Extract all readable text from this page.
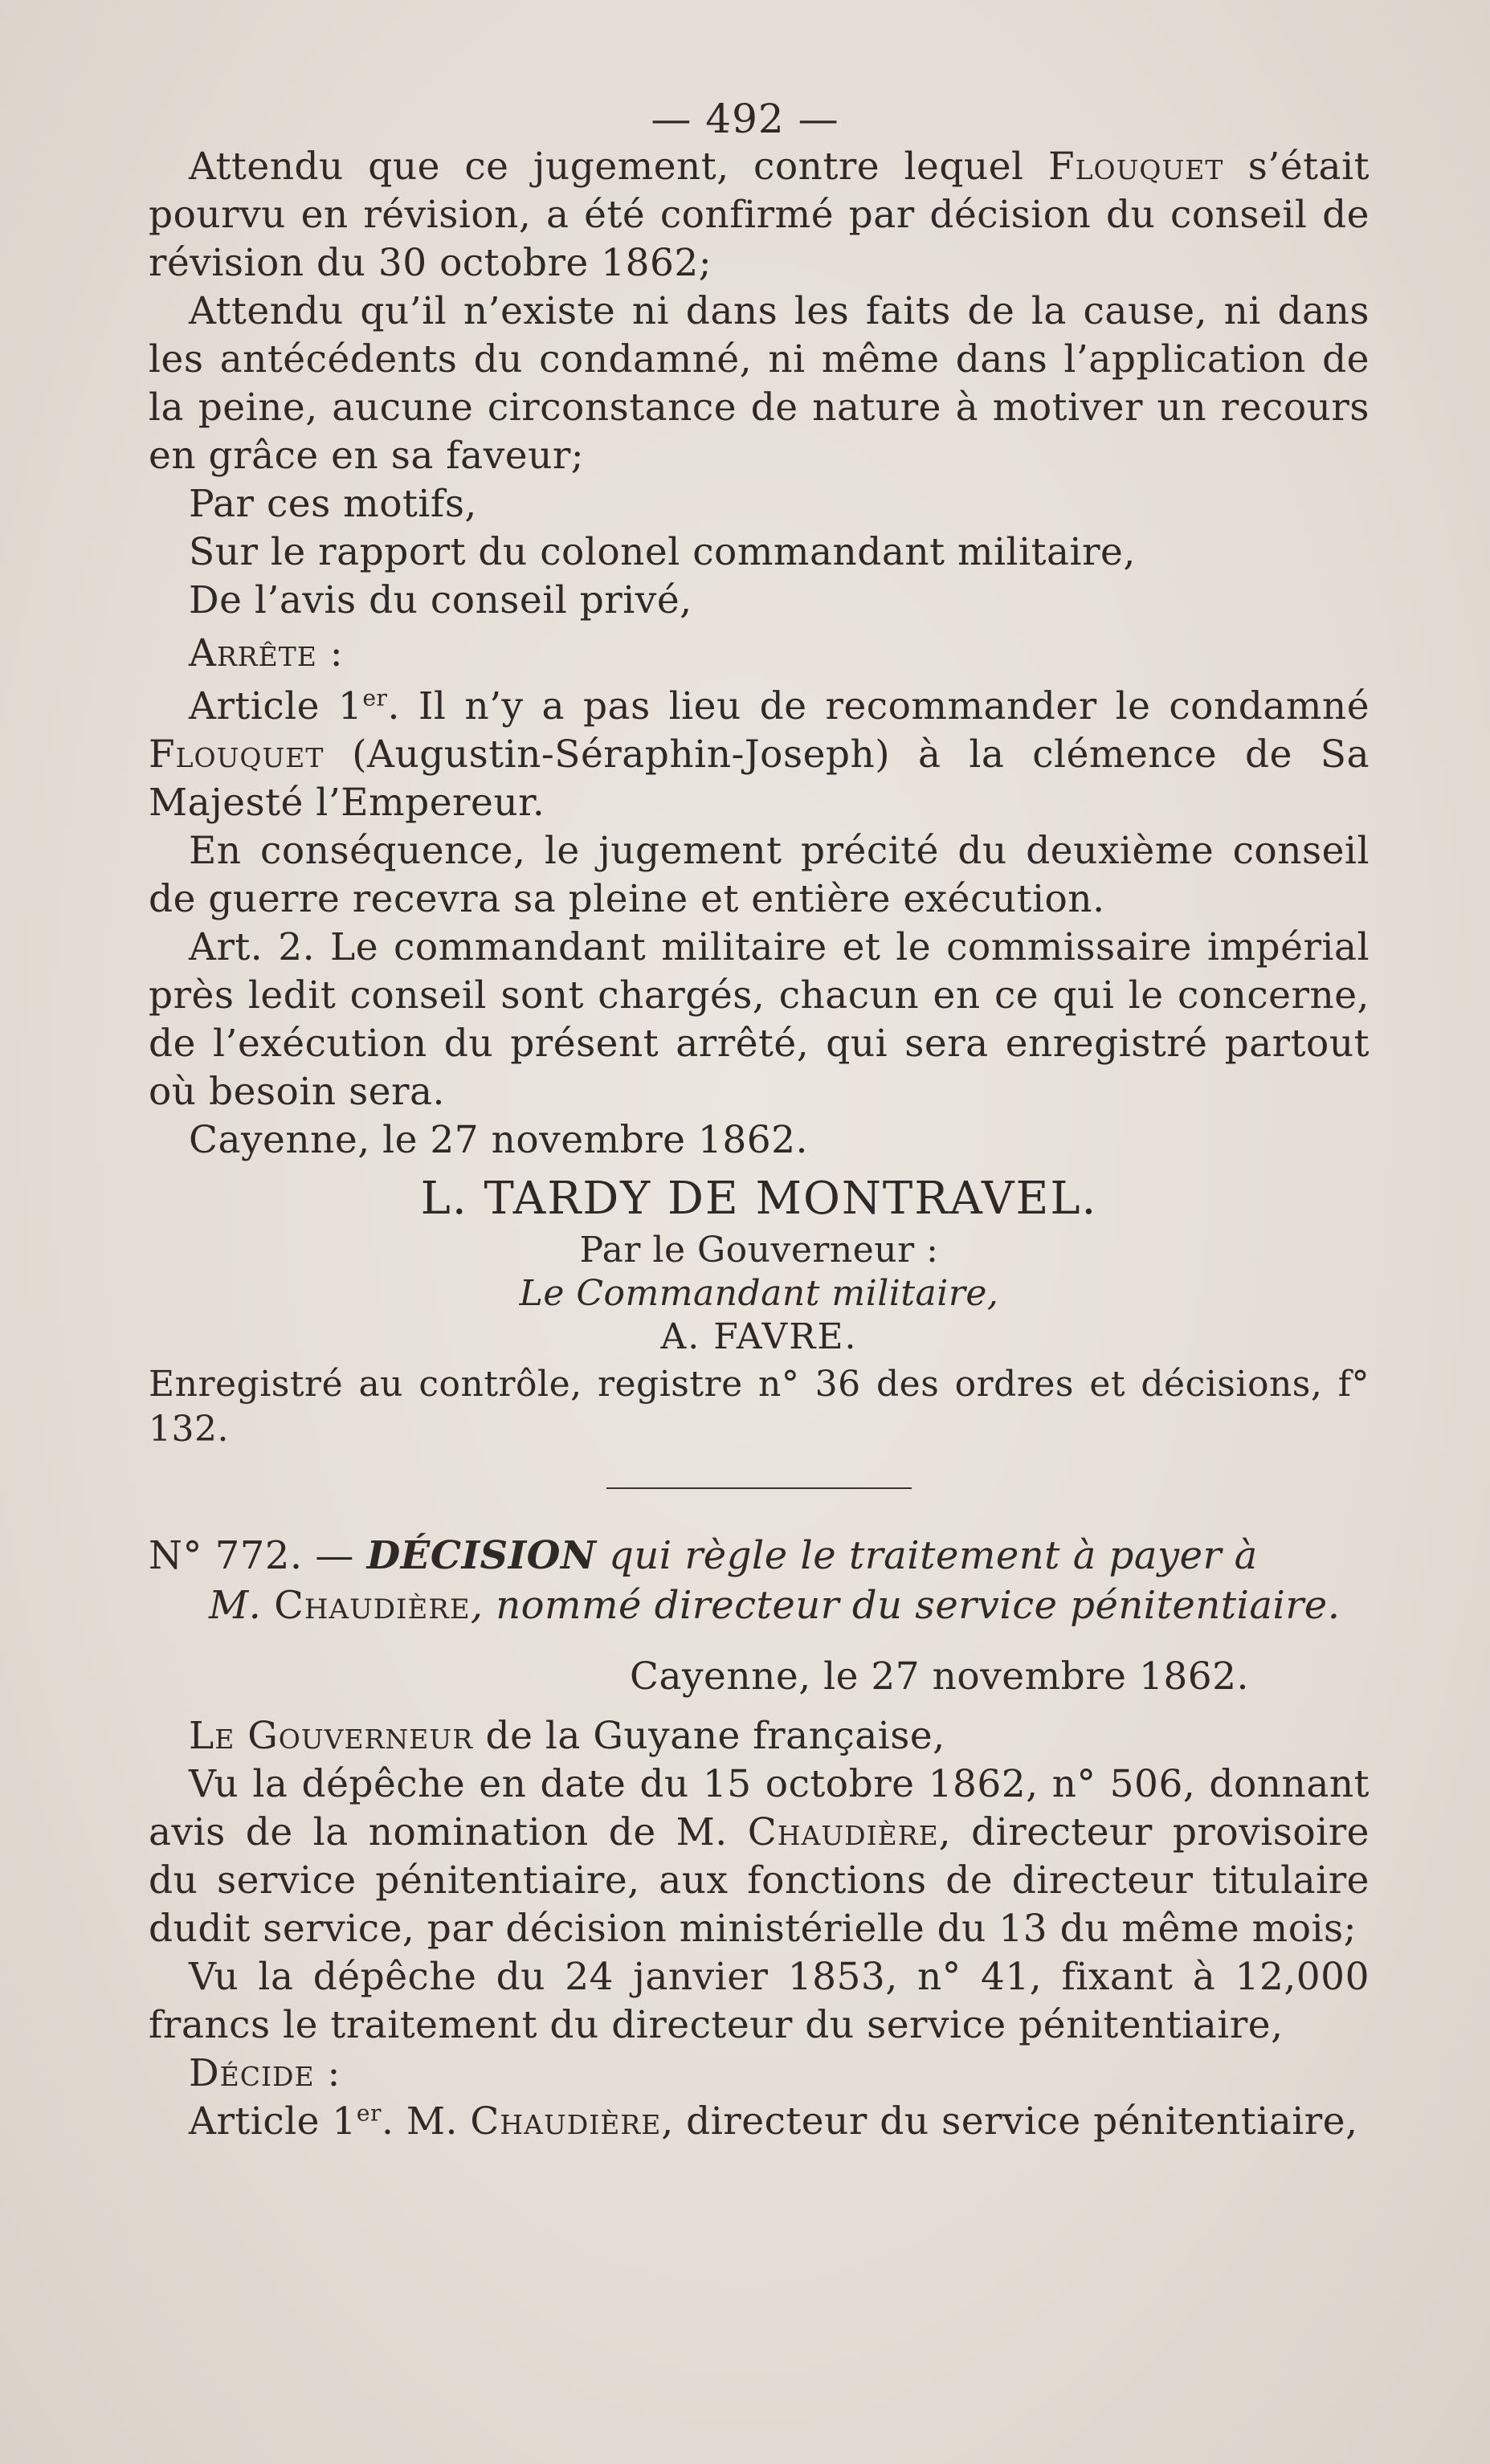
— 492 —

Attendu que ce jugement, contre lequel Flouquet s’était pourvu en révision, a été confirmé par décision du conseil de révision du 30 octobre 1862;

Attendu qu’il n’existe ni dans les faits de la cause, ni dans les antécédents du condamné, ni même dans l’application de la peine, aucune circonstance de nature à motiver un recours en grâce en sa faveur;

Par ces motifs,

Sur le rapport du colonel commandant militaire,

De l’avis du conseil privé,

Arrête :

Article 1er. Il n’y a pas lieu de recommander le condamné Flouquet (Augustin-Séraphin-Joseph) à la clémence de Sa Majesté l’Empereur.

En conséquence, le jugement précité du deuxième conseil de guerre recevra sa pleine et entière exécution.

Art. 2. Le commandant militaire et le commissaire impérial près ledit conseil sont chargés, chacun en ce qui le concerne, de l’exécution du présent arrêté, qui sera enregistré partout où besoin sera.

Cayenne, le 27 novembre 1862.

L. TARDY DE MONTRAVEL.
Par le Gouverneur :
Le Commandant militaire,
A. FAVRE.

Enregistré au contrôle, registre n° 36 des ordres et décisions, f° 132.

N° 772. — DÉCISION qui règle le traitement à payer à
M. Chaudière, nommé directeur du service pénitentiaire.

Cayenne, le 27 novembre 1862.

Le Gouverneur de la Guyane française,

Vu la dépêche en date du 15 octobre 1862, n° 506, donnant avis de la nomination de M. Chaudière, directeur provisoire du service pénitentiaire, aux fonctions de directeur titulaire dudit service, par décision ministérielle du 13 du même mois;

Vu la dépêche du 24 janvier 1853, n° 41, fixant à 12,000 francs le traitement du directeur du service pénitentiaire,

Décide :

Article 1er. M. Chaudière, directeur du service pénitentiaire,
